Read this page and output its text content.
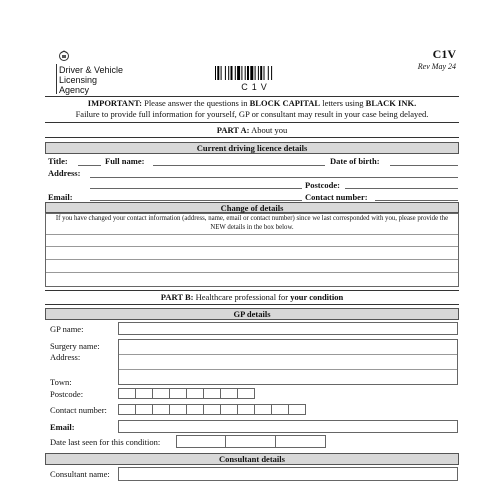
Driver & Vehicle
Licensing
Agency	C1V
C1V
Rev May 24
IMPORTANT: Please answer the questions in BLOCK CAPITAL letters using BLACK INK.
Failure to provide full information for yourself, GP or consultant may result in your case being delayed.
PART A: About you
Current driving licence details
Title:	Full name:	Date of birth:
Address:
Postcode:
Email:	Contact number:
Change of details
If you have changed your contact information (address, name, email or contact number) since we last corresponded with you, please provide the NEW details in the box below.
PART B: Healthcare professional for your condition
GP details
GP name:
Surgery name:
Address:
Town:
Postcode:
Contact number:
Email:
Date last seen for this condition:
Consultant details
Consultant name:
